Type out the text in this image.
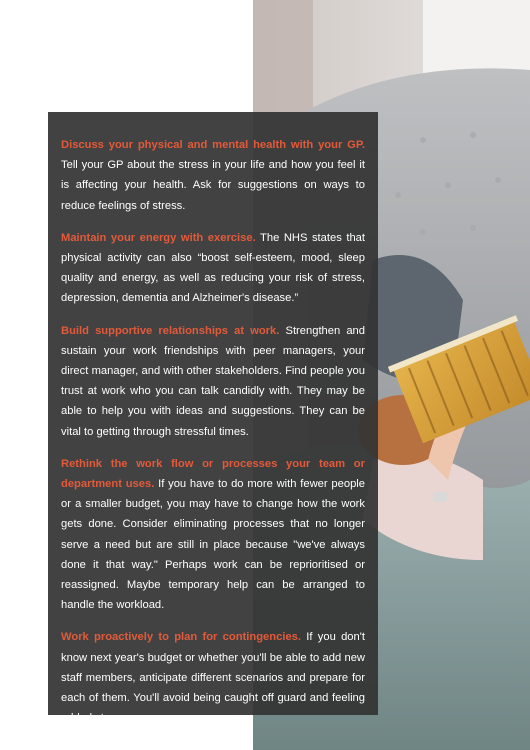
Discuss your physical and mental health with your GP. Tell your GP about the stress in your life and how you feel it is affecting your health. Ask for suggestions on ways to reduce feelings of stress.

Maintain your energy with exercise. The NHS states that physical activity can also “boost self-esteem, mood, sleep quality and energy, as well as reducing your risk of stress, depression, dementia and Alzheimer's disease.”

Build supportive relationships at work. Strengthen and sustain your work friendships with peer managers, your direct manager, and with other stakeholders. Find people you trust at work who you can talk candidly with. They may be able to help you with ideas and suggestions. They can be vital to getting through stressful times.

Rethink the work flow or processes your team or department uses. If you have to do more with fewer people or a smaller budget, you may have to change how the work gets done. Consider eliminating processes that no longer serve a need but are still in place because "we've always done it that way." Perhaps work can be reprioritised or reassigned. Maybe temporary help can be arranged to handle the workload.

Work proactively to plan for contingencies. If you don't know next year's budget or whether you'll be able to add new staff members, anticipate different scenarios and prepare for each of them. You'll avoid being caught off guard and feeling added stress.
